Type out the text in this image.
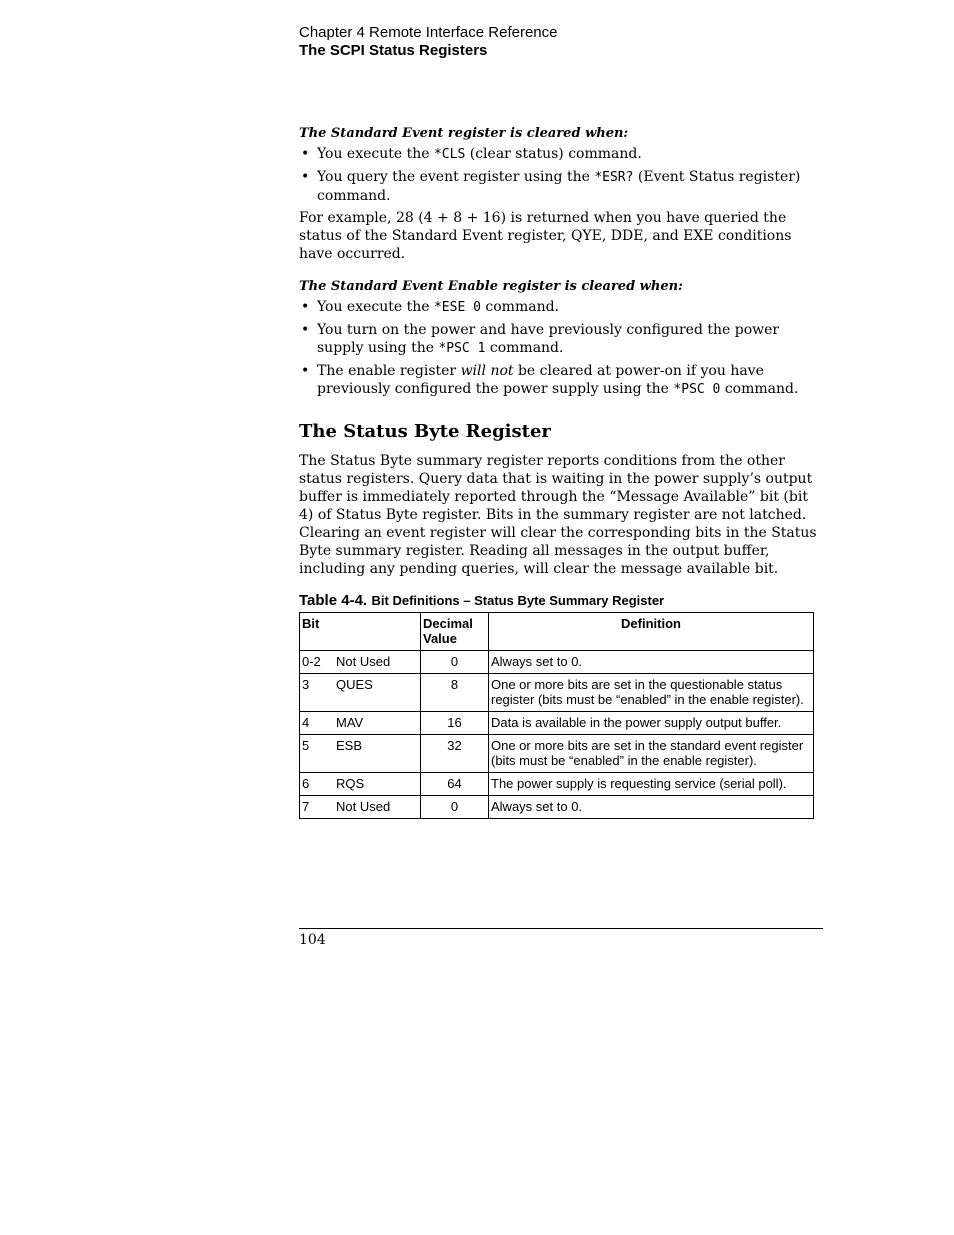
Chapter 4 Remote Interface Reference
The SCPI Status Registers

The Standard Event register is cleared when:

• You execute the *CLS (clear status) command.
• You query the event register using the *ESR? (Event Status register) command.

For example, 28 (4 + 8 + 16) is returned when you have queried the status of the Standard Event register, QYE, DDE, and EXE conditions have occurred.

The Standard Event Enable register is cleared when:

• You execute the *ESE 0 command.
• You turn on the power and have previously configured the power supply using the *PSC 1 command.
• The enable register will not be cleared at power-on if you have previously configured the power supply using the *PSC 0 command.
The Status Byte Register

The Status Byte summary register reports conditions from the other status registers. Query data that is waiting in the power supply’s output buffer is immediately reported through the “Message Available” bit (bit 4) of Status Byte register. Bits in the summary register are not latched. Clearing an event register will clear the corresponding bits in the Status Byte summary register. Reading all messages in the output buffer, including any pending queries, will clear the message available bit.

Table 4-4. Bit Definitions – Status Byte Summary Register
Bit	Decimal Value	Definition
0-2 Not Used	0	Always set to 0.
3 QUES	8	One or more bits are set in the questionable status register (bits must be “enabled” in the enable register).
4 MAV	16	Data is available in the power supply output buffer.
5 ESB	32	One or more bits are set in the standard event register (bits must be “enabled” in the enable register).
6 RQS	64	The power supply is requesting service (serial poll).
7 Not Used	0	Always set to 0.
104
